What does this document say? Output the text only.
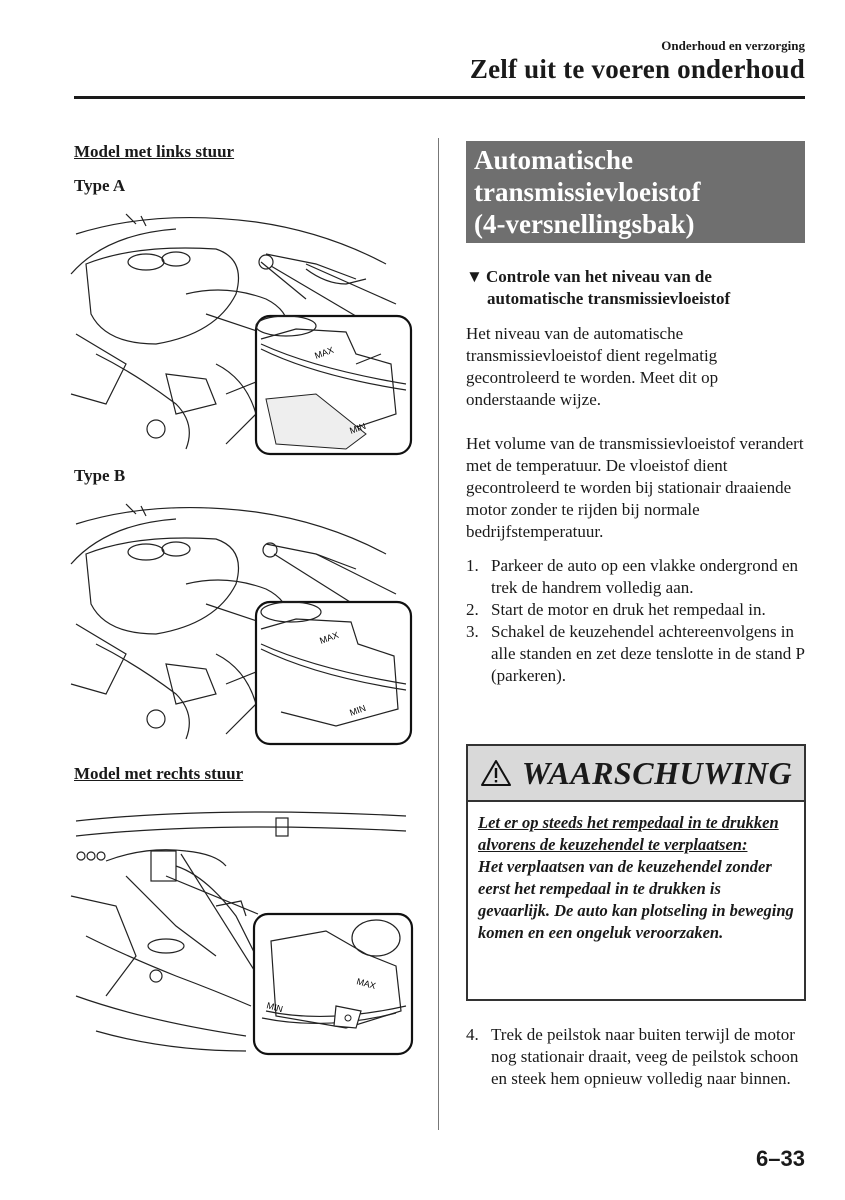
Onderhoud en verzorging
Zelf uit te voeren onderhoud

Model met links stuur

Type A

MAX
MIN

Type B

MAX
MIN

Model met rechts stuur

MAX
MIN
Automatische
transmissievloeistof
(4-versnellingsbak)
▼ Controle van het niveau van de
automatische transmissievloeistof

Het niveau van de automatische transmissievloeistof dient regelmatig gecontroleerd te worden. Meet dit op onderstaande wijze.

Het volume van de transmissievloeistof verandert met de temperatuur. De vloeistof dient gecontroleerd te worden bij stationair draaiende motor zonder te rijden bij normale bedrijfstemperatuur.

1. Parkeer de auto op een vlakke ondergrond en trek de handrem volledig aan.
2. Start de motor en druk het rempedaal in.
3. Schakel de keuzehendel achtereenvolgens in alle standen en zet deze tenslotte in de stand P (parkeren).
WAARSCHUWING
Let er op steeds het rempedaal in te drukken alvorens de keuzehendel te verplaatsen:
Het verplaatsen van de keuzehendel zonder eerst het rempedaal in te drukken is gevaarlijk. De auto kan plotseling in beweging komen en een ongeluk veroorzaken.
4. Trek de peilstok naar buiten terwijl de motor nog stationair draait, veeg de peilstok schoon en steek hem opnieuw volledig naar binnen.
6–33
